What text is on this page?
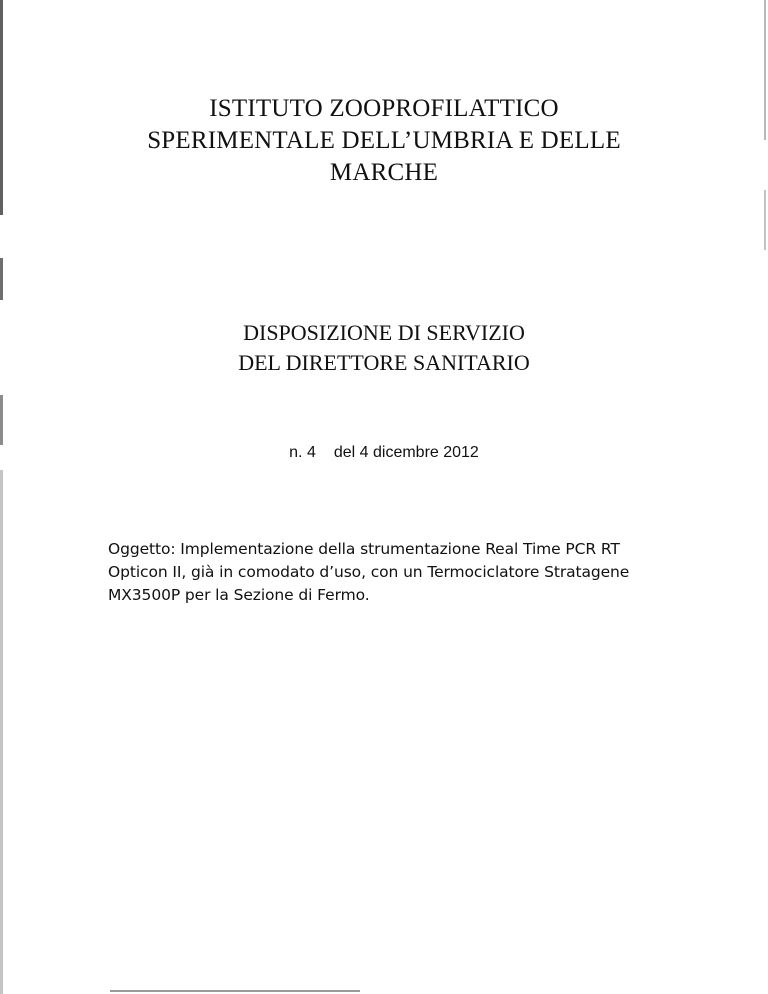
ISTITUTO ZOOPROFILATTICO
SPERIMENTALE DELL’UMBRIA E DELLE
MARCHE
DISPOSIZIONE DI SERVIZIO
DEL DIRETTORE SANITARIO
n. 4 del 4 dicembre 2012
Oggetto: Implementazione della strumentazione Real Time PCR RT
Opticon II, già in comodato d’uso, con un Termociclatore Stratagene
MX3500P per la Sezione di Fermo.
